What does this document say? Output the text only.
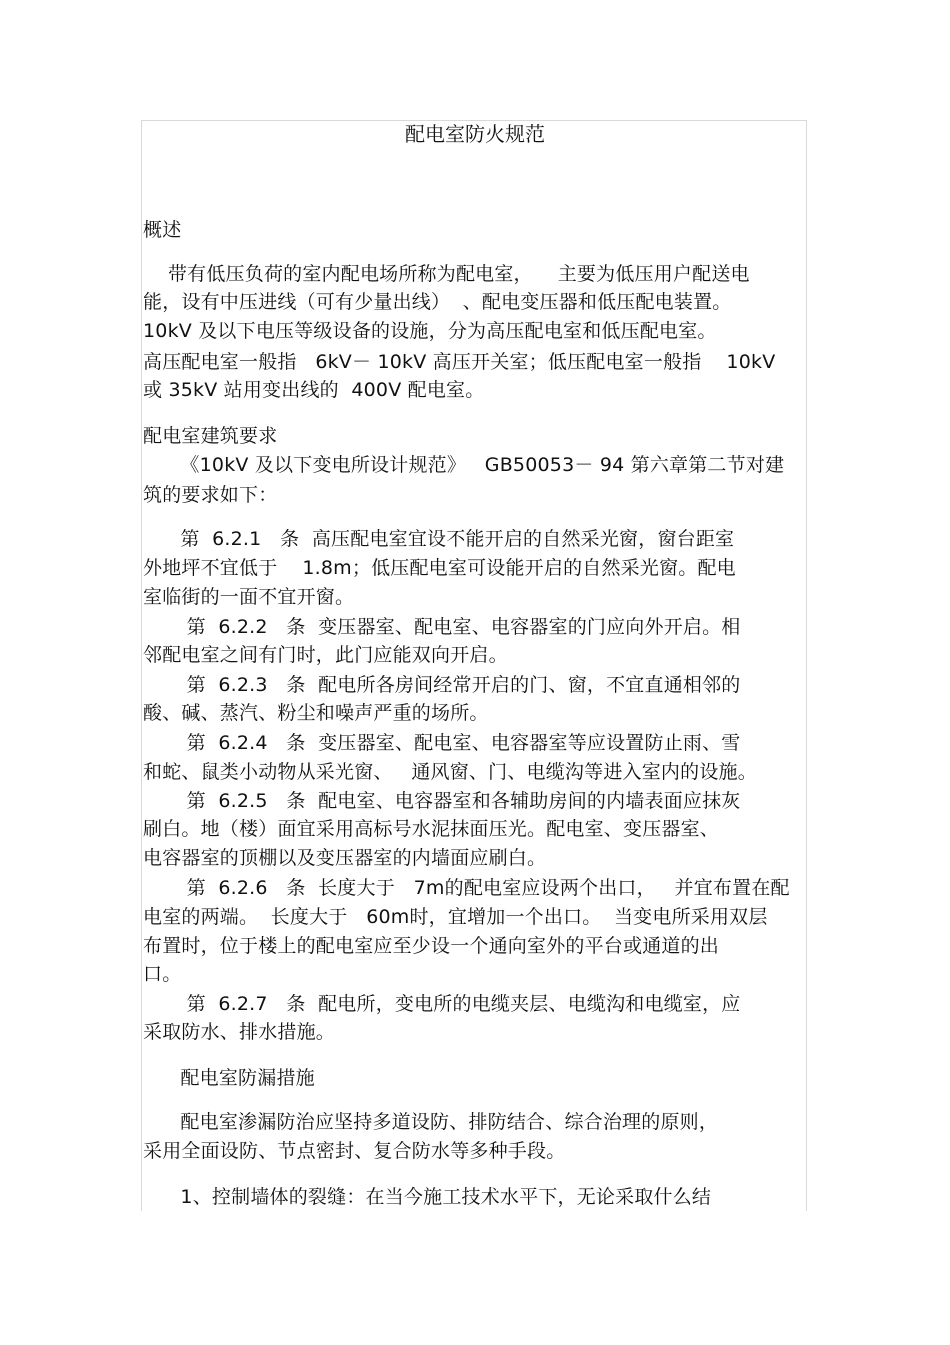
配电室防火规范
概述
带有低压负荷的室内配电场所称为配电室，    主要为低压用户配送电
能，设有中压进线（可有少量出线）  、配电变压器和低压配电装置。
10kV 及以下电压等级设备的设施，分为高压配电室和低压配电室。
高压配电室一般指   6kV－ 10kV 高压开关室；低压配电室一般指    10kV
或 35kV 站用变出线的  400V 配电室。
配电室建筑要求
《10kV 及以下变电所设计规范》   GB50053－ 94 第六章第二节对建
筑的要求如下：
第  6.2.1   条  高压配电室宜设不能开启的自然采光窗，窗台距室
外地坪不宜低于    1.8m；低压配电室可设能开启的自然采光窗。配电
室临街的一面不宜开窗。
第  6.2.2   条  变压器室、配电室、电容器室的门应向外开启。相
邻配电室之间有门时，此门应能双向开启。
第  6.2.3   条  配电所各房间经常开启的门、窗，不宜直通相邻的
酸、碱、蒸汽、粉尘和噪声严重的场所。
第  6.2.4   条  变压器室、配电室、电容器室等应设置防止雨、雪
和蛇、鼠类小动物从采光窗、   通风窗、门、电缆沟等进入室内的设施。
第  6.2.5   条  配电室、电容器室和各辅助房间的内墙表面应抹灰
刷白。地（楼）面宜采用高标号水泥抹面压光。配电室、变压器室、
电容器室的顶棚以及变压器室的内墙面应刷白。
第  6.2.6   条  长度大于   7m的配电室应设两个出口，   并宜布置在配
电室的两端。  长度大于   60m时，宜增加一个出口。  当变电所采用双层
布置时，位于楼上的配电室应至少设一个通向室外的平台或通道的出
口。
第  6.2.7   条  配电所，变电所的电缆夹层、电缆沟和电缆室，应
采取防水、排水措施。
配电室防漏措施
配电室渗漏防治应坚持多道设防、排防结合、综合治理的原则，
采用全面设防、节点密封、复合防水等多种手段。
1、控制墙体的裂缝：在当今施工技术水平下，无论采取什么结
